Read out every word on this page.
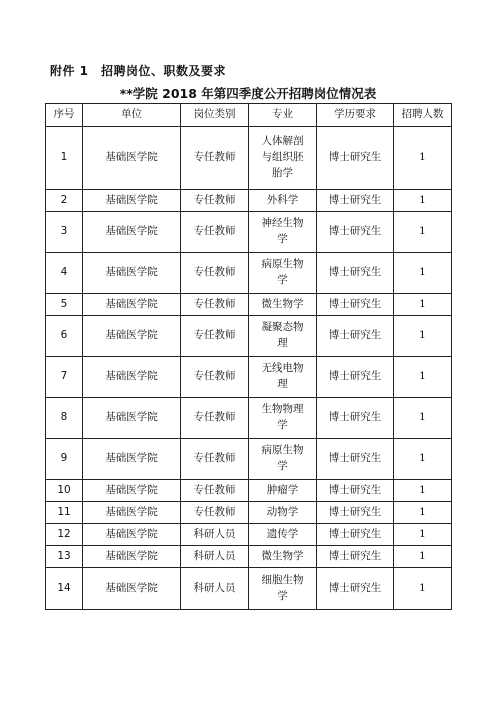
附件 1　招聘岗位、职数及要求
**学院 2018 年第四季度公开招聘岗位情况表
序号	单位	岗位类别	专业	学历要求	招聘人数
1	基础医学院	专任教师	人体解剖与组织胚胎学	博士研究生	1
2	基础医学院	专任教师	外科学	博士研究生	1
3	基础医学院	专任教师	神经生物学	博士研究生	1
4	基础医学院	专任教师	病原生物学	博士研究生	1
5	基础医学院	专任教师	微生物学	博士研究生	1
6	基础医学院	专任教师	凝聚态物理	博士研究生	1
7	基础医学院	专任教师	无线电物理	博士研究生	1
8	基础医学院	专任教师	生物物理学	博士研究生	1
9	基础医学院	专任教师	病原生物学	博士研究生	1
10	基础医学院	专任教师	肿瘤学	博士研究生	1
11	基础医学院	专任教师	动物学	博士研究生	1
12	基础医学院	科研人员	遗传学	博士研究生	1
13	基础医学院	科研人员	微生物学	博士研究生	1
14	基础医学院	科研人员	细胞生物学	博士研究生	1
